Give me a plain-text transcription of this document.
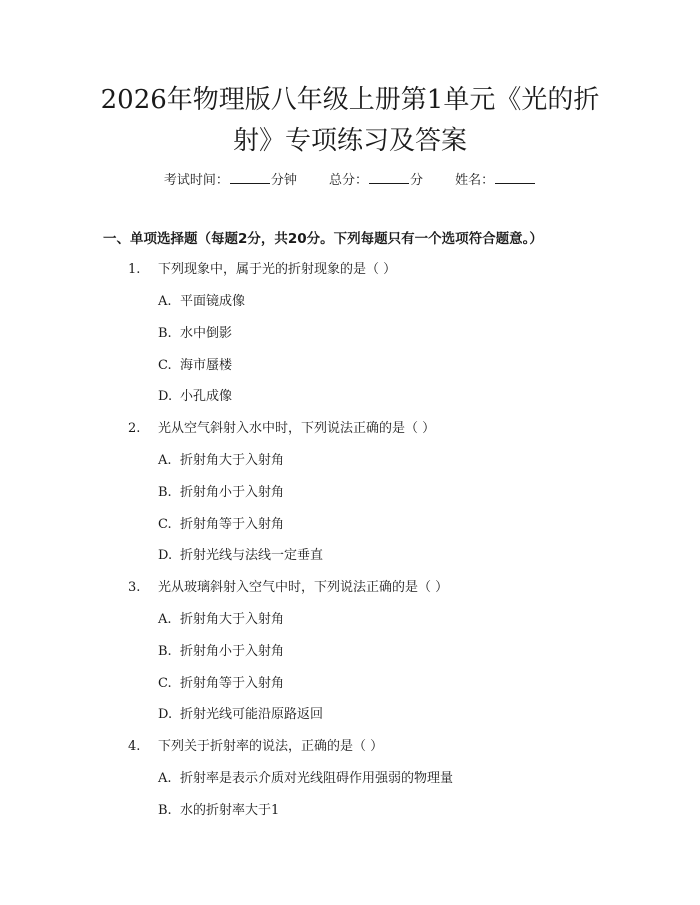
2026年物理版八年级上册第1单元《光的折
射》专项练习及答案
考试时间：	分钟 总分：	分 姓名：
一、单项选择题（每题2分，共20分。下列每题只有一个选项符合题意。）
1. 下列现象中，属于光的折射现象的是（ ）
A. 平面镜成像
B. 水中倒影
C. 海市蜃楼
D. 小孔成像
2. 光从空气斜射入水中时，下列说法正确的是（ ）
A. 折射角大于入射角
B. 折射角小于入射角
C. 折射角等于入射角
D. 折射光线与法线一定垂直
3. 光从玻璃斜射入空气中时，下列说法正确的是（ ）
A. 折射角大于入射角
B. 折射角小于入射角
C. 折射角等于入射角
D. 折射光线可能沿原路返回
4. 下列关于折射率的说法，正确的是（ ）
A. 折射率是表示介质对光线阻碍作用强弱的物理量
B. 水的折射率大于1
